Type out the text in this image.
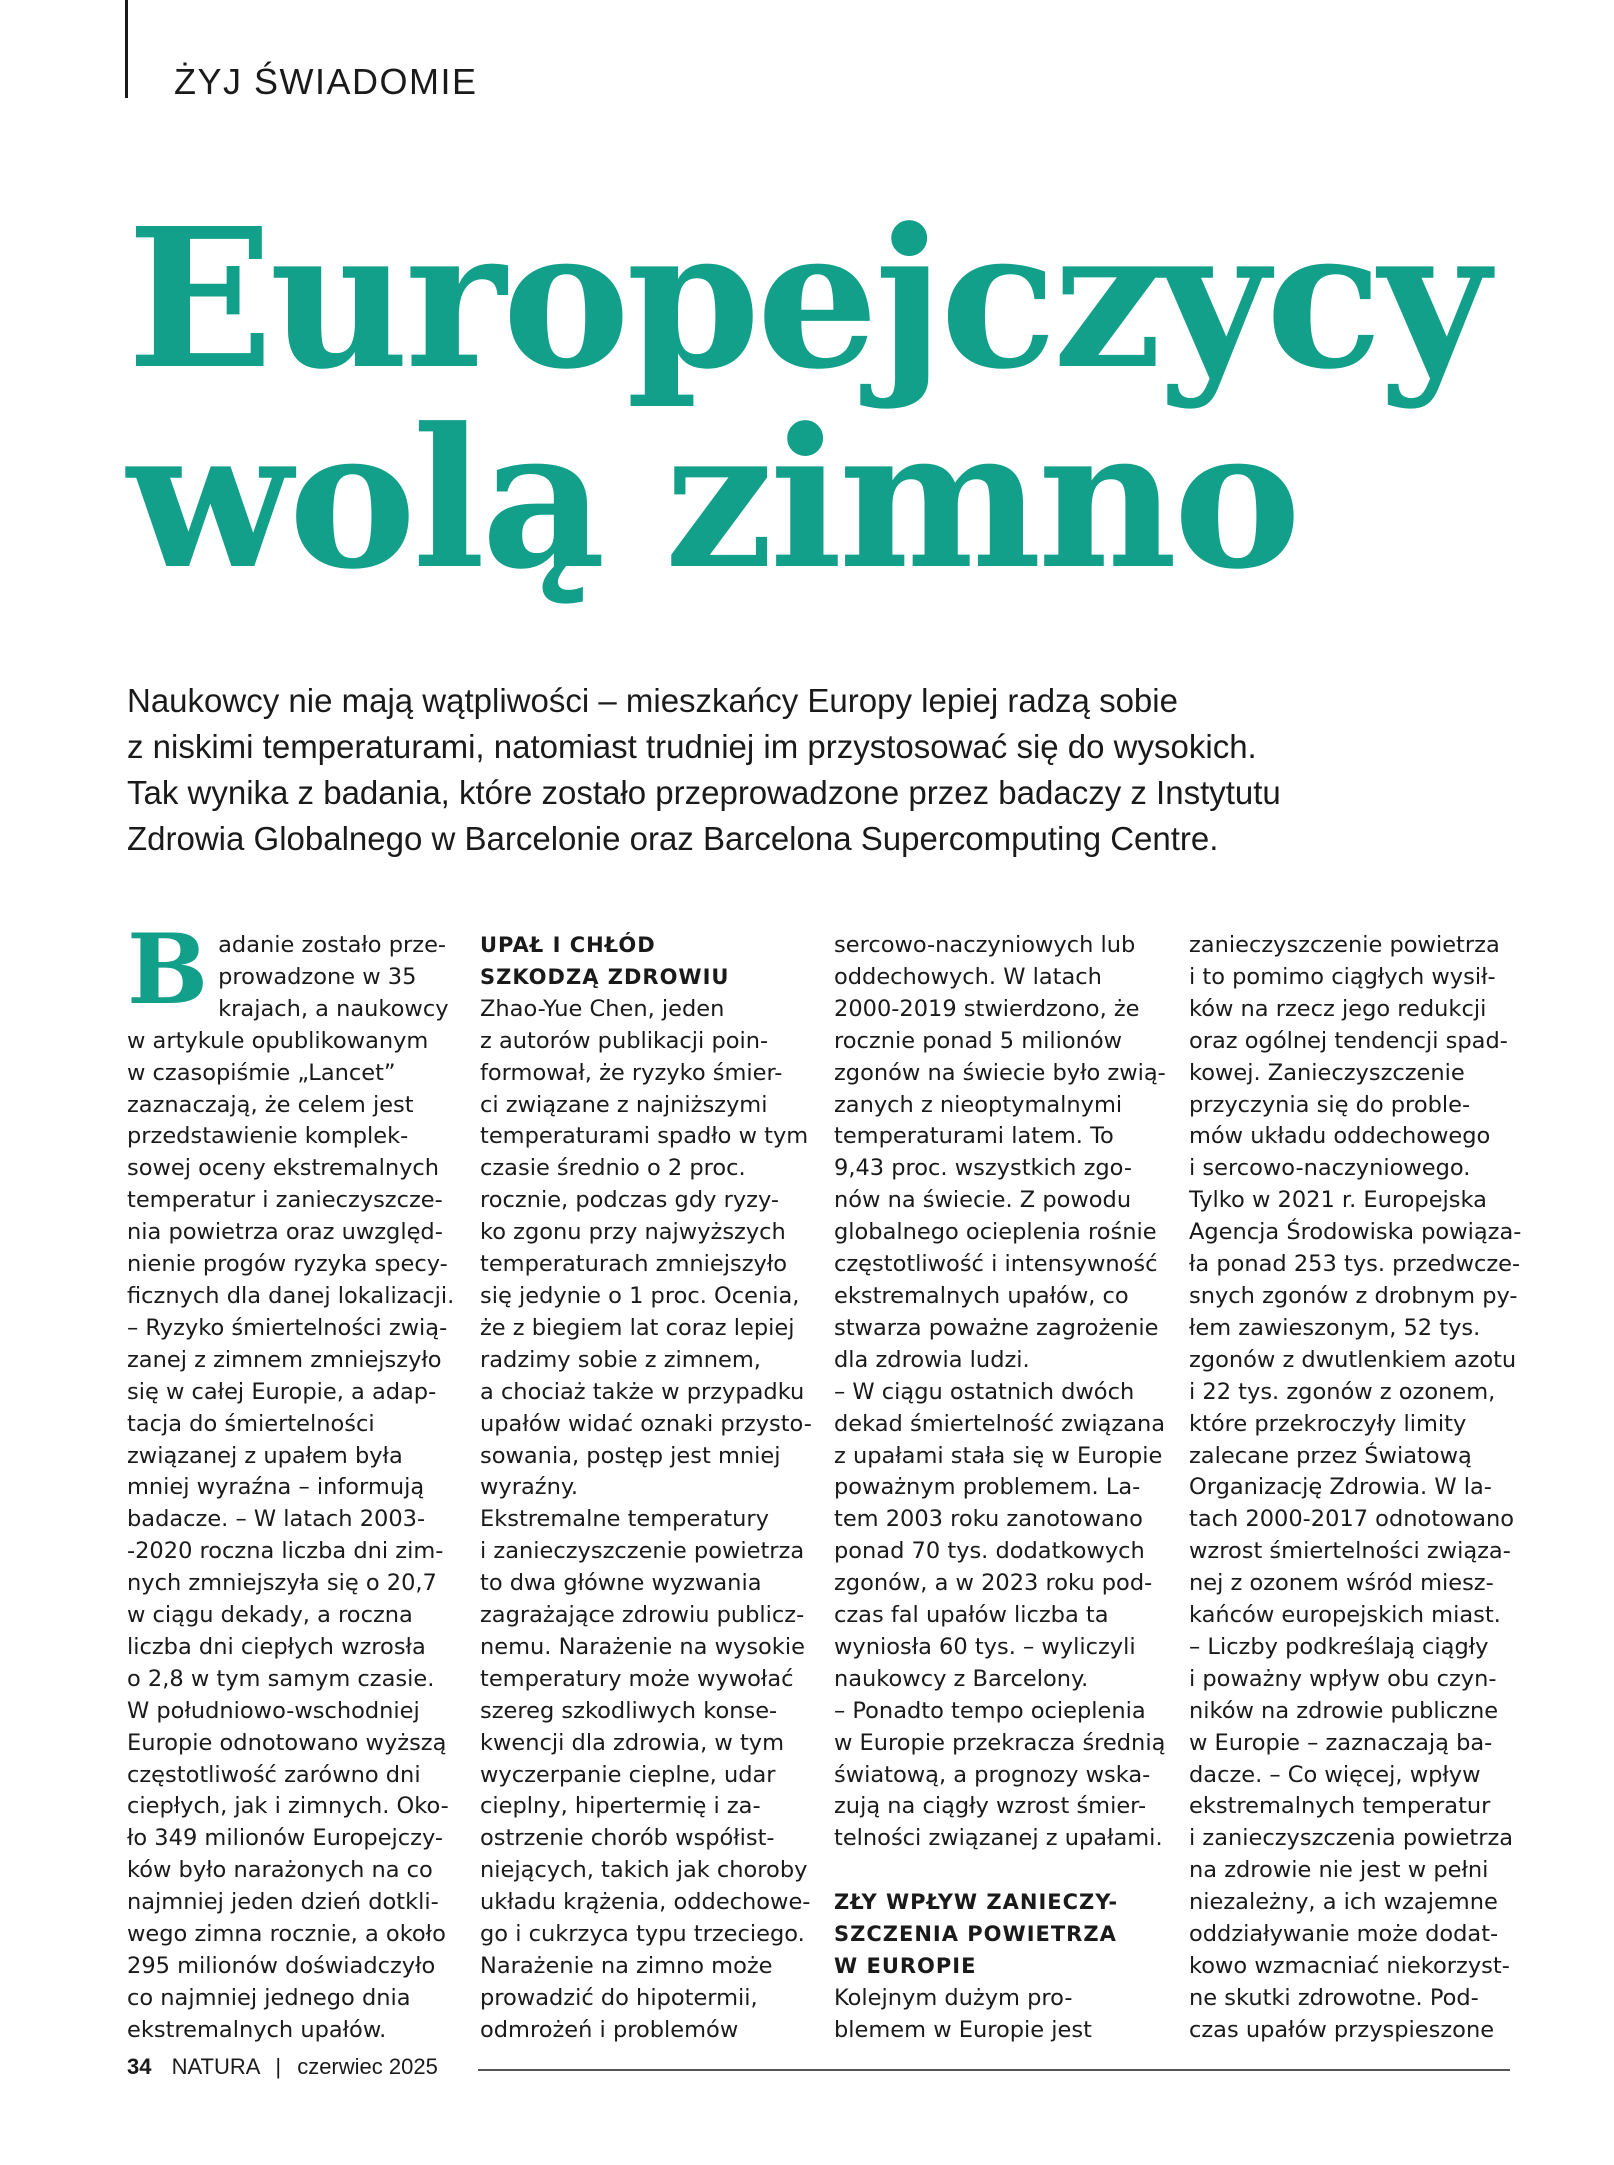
ŻYJ ŚWIADOMIE
Europejczycy
wolą zimno
Naukowcy nie mają wątpliwości – mieszkańcy Europy lepiej radzą sobie
z niskimi temperaturami, natomiast trudniej im przystosować się do wysokich.
Tak wynika z badania, które zostało przeprowadzone przez badaczy z Instytutu
Zdrowia Globalnego w Barcelonie oraz Barcelona Supercomputing Centre.
B adanie zostało prze-
prowadzone w 35
krajach, a naukowcy
w artykule opublikowanym
w czasopiśmie „Lancet”
zaznaczają, że celem jest
przedstawienie komplek-
sowej oceny ekstremalnych
temperatur i zanieczyszcze-
nia powietrza oraz uwzględ-
nienie progów ryzyka specy-
ficznych dla danej lokalizacji.
– Ryzyko śmiertelności zwią-
zanej z zimnem zmniejszyło
się w całej Europie, a adap-
tacja do śmiertelności
związanej z upałem była
mniej wyraźna – informują
badacze. – W latach 2003-
-2020 roczna liczba dni zim-
nych zmniejszyła się o 20,7
w ciągu dekady, a roczna
liczba dni ciepłych wzrosła
o 2,8 w tym samym czasie.
W południowo-wschodniej
Europie odnotowano wyższą
częstotliwość zarówno dni
ciepłych, jak i zimnych. Oko-
ło 349 milionów Europejczy-
ków było narażonych na co
najmniej jeden dzień dotkli-
wego zimna rocznie, a około
295 milionów doświadczyło
co najmniej jednego dnia
ekstremalnych upałów.
UPAŁ I CHŁÓD
SZKODZĄ ZDROWIU
Zhao-Yue Chen, jeden
z autorów publikacji poin-
formował, że ryzyko śmier-
ci związane z najniższymi
temperaturami spadło w tym
czasie średnio o 2 proc.
rocznie, podczas gdy ryzy-
ko zgonu przy najwyższych
temperaturach zmniejszyło
się jedynie o 1 proc. Ocenia,
że z biegiem lat coraz lepiej
radzimy sobie z zimnem,
a chociaż także w przypadku
upałów widać oznaki przysto-
sowania, postęp jest mniej
wyraźny.
Ekstremalne temperatury
i zanieczyszczenie powietrza
to dwa główne wyzwania
zagrażające zdrowiu publicz-
nemu. Narażenie na wysokie
temperatury może wywołać
szereg szkodliwych konse-
kwencji dla zdrowia, w tym
wyczerpanie cieplne, udar
cieplny, hipertermię i za-
ostrzenie chorób współist-
niejących, takich jak choroby
układu krążenia, oddechowe-
go i cukrzyca typu trzeciego.
Narażenie na zimno może
prowadzić do hipotermii,
odmrożeń i problemów
sercowo-naczyniowych lub
oddechowych. W latach
2000-2019 stwierdzono, że
rocznie ponad 5 milionów
zgonów na świecie było zwią-
zanych z nieoptymalnymi
temperaturami latem. To
9,43 proc. wszystkich zgo-
nów na świecie. Z powodu
globalnego ocieplenia rośnie
częstotliwość i intensywność
ekstremalnych upałów, co
stwarza poważne zagrożenie
dla zdrowia ludzi.
– W ciągu ostatnich dwóch
dekad śmiertelność związana
z upałami stała się w Europie
poważnym problemem. La-
tem 2003 roku zanotowano
ponad 70 tys. dodatkowych
zgonów, a w 2023 roku pod-
czas fal upałów liczba ta
wyniosła 60 tys. – wyliczyli
naukowcy z Barcelony.
– Ponadto tempo ocieplenia
w Europie przekracza średnią
światową, a prognozy wska-
zują na ciągły wzrost śmier-
telności związanej z upałami.
ZŁY WPŁYW ZANIECZY-
SZCZENIA POWIETRZA
W EUROPIE
Kolejnym dużym pro-
blemem w Europie jest
zanieczyszczenie powietrza
i to pomimo ciągłych wysił-
ków na rzecz jego redukcji
oraz ogólnej tendencji spad-
kowej. Zanieczyszczenie
przyczynia się do proble-
mów układu oddechowego
i sercowo-naczyniowego.
Tylko w 2021 r. Europejska
Agencja Środowiska powiąza-
ła ponad 253 tys. przedwcze-
snych zgonów z drobnym py-
łem zawieszonym, 52 tys.
zgonów z dwutlenkiem azotu
i 22 tys. zgonów z ozonem,
które przekroczyły limity
zalecane przez Światową
Organizację Zdrowia. W la-
tach 2000-2017 odnotowano
wzrost śmiertelności związa-
nej z ozonem wśród miesz-
kańców europejskich miast.
– Liczby podkreślają ciągły
i poważny wpływ obu czyn-
ników na zdrowie publiczne
w Europie – zaznaczają ba-
dacze. – Co więcej, wpływ
ekstremalnych temperatur
i zanieczyszczenia powietrza
na zdrowie nie jest w pełni
niezależny, a ich wzajemne
oddziaływanie może dodat-
kowo wzmacniać niekorzyst-
ne skutki zdrowotne. Pod-
czas upałów przyspieszone
34 NATURA | czerwiec 2025
